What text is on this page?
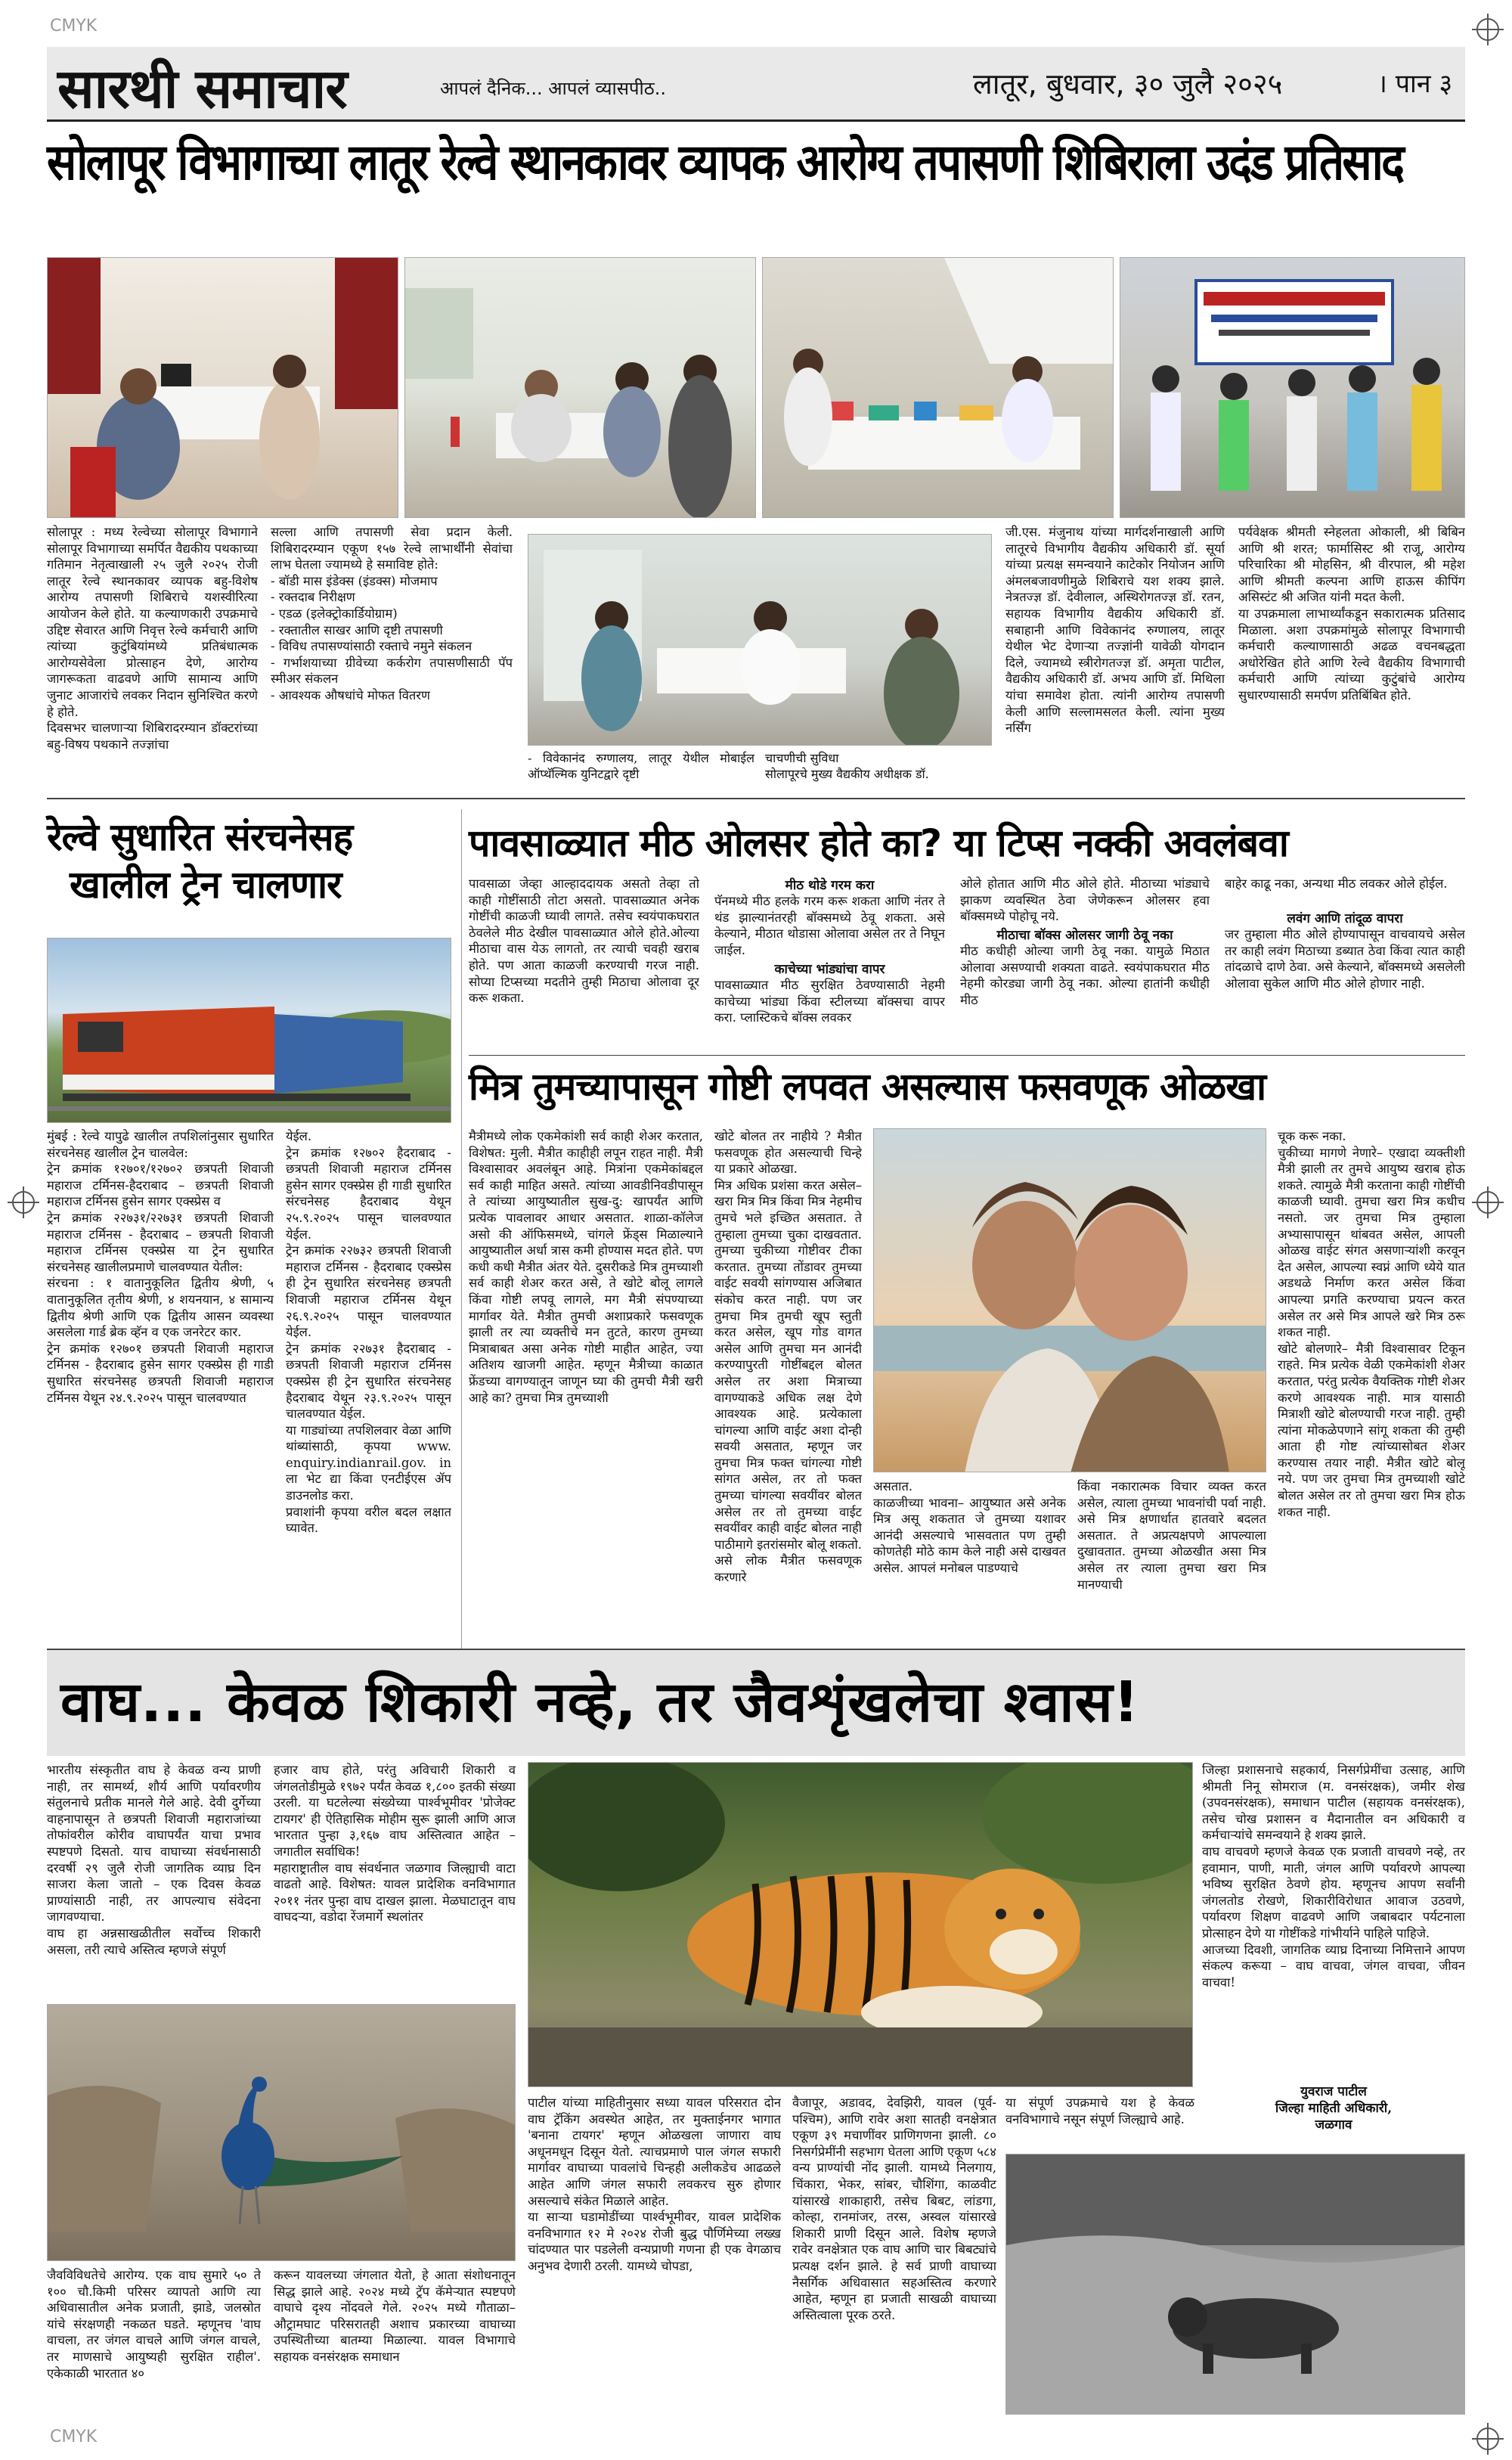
CMYK
CMYK
सारथी समाचार	आपलं दैनिक... आपलं व्यासपीठ..	लातूर, बुधवार, ३० जुलै २०२५	। पान ३
सोलापूर विभागाच्या लातूर रेल्वे स्थानकावर व्यापक आरोग्य तपासणी शिबिराला उदंड प्रतिसाद
सोलापूर : मध्य रेल्वेच्या सोलापूर विभागाने सोलापूर विभागाच्या समर्पित वैद्यकीय पथकाच्या गतिमान नेतृत्वाखाली २५ जुलै २०२५ रोजी लातूर रेल्वे स्थानकावर व्यापक बहु-विशेष आरोग्य तपासणी शिबिराचे यशस्वीरित्या आयोजन केले होते. या कल्याणकारी उपक्रमाचे उद्दिष्ट सेवारत आणि निवृत्त रेल्वे कर्मचारी आणि त्यांच्या कुटुंबियांमध्ये प्रतिबंधात्मक आरोग्यसेवेला प्रोत्साहन देणे, आरोग्य जागरूकता वाढवणे आणि सामान्य आणि जुनाट आजारांचे लवकर निदान सुनिश्चित करणे हे होते.
दिवसभर चालणाऱ्या शिबिरादरम्यान डॉक्टरांच्या बहु-विषय पथकाने तज्ज्ञांचा
सल्ला आणि तपासणी सेवा प्रदान केली. शिबिरादरम्यान एकूण १५७ रेल्वे लाभार्थींनी सेवांचा लाभ घेतला ज्यामध्ये हे समाविष्ट होते:
- बॉडी मास इंडेक्स (इंडक्स) मोजमाप
- रक्तदाब निरीक्षण
- एडळ (इलेक्ट्रोकार्डियोग्राम)
- रक्तातील साखर आणि दृष्टी तपासणी
- विविध तपासण्यांसाठी रक्ताचे नमुने संकलन
- गर्भाशयाच्या ग्रीवेच्या कर्करोग तपासणीसाठी पॅप स्मीअर संकलन
- आवश्यक औषधांचे मोफत वितरण
- विवेकानंद रुग्णालय, लातूर येथील मोबाईल ऑप्थॅल्मिक युनिटद्वारे दृष्टी
चाचणीची सुविधा
सोलापूरचे मुख्य वैद्यकीय अधीक्षक डॉ.
जी.एस. मंजुनाथ यांच्या मार्गदर्शनाखाली आणि लातूरचे विभागीय वैद्यकीय अधिकारी डॉ. सूर्या यांच्या प्रत्यक्ष समन्वयाने काटेकोर नियोजन आणि अंमलबजावणीमुळे शिबिराचे यश शक्य झाले. नेत्रतज्ज्ञ डॉ. देवीलाल, अस्थिरोगतज्ज्ञ डॉ. रतन, सहायक विभागीय वैद्यकीय अधिकारी डॉ. सबाहानी आणि विवेकानंद रुग्णालय, लातूर येथील भेट देणाऱ्या तज्ज्ञांनी यावेळी योगदान दिले, ज्यामध्ये स्त्रीरोगतज्ज्ञ डॉ. अमृता पाटील, वैद्यकीय अधिकारी डॉ. अभय आणि डॉ. मिथिला यांचा समावेश होता. त्यांनी आरोग्य तपासणी केली आणि सल्लामसलत केली. त्यांना मुख्य नर्सिंग
पर्यवेक्षक श्रीमती स्नेहलता ओकाली, श्री बिबिन आणि श्री शरत; फार्मासिस्ट श्री राजू, आरोग्य परिचारिका श्री मोहसिन, श्री वीरपाल, श्री महेश आणि श्रीमती कल्पना आणि हाऊस कीपिंग असिस्टंट श्री अजित यांनी मदत केली.
या उपक्रमाला लाभार्थ्यांकडून सकारात्मक प्रतिसाद मिळाला. अशा उपक्रमांमुळे सोलापूर विभागाची कर्मचारी कल्याणासाठी अढळ वचनबद्धता अधोरेखित होते आणि रेल्वे वैद्यकीय विभागाची कर्मचारी आणि त्यांच्या कुटुंबांचे आरोग्य सुधारण्यासाठी समर्पण प्रतिबिंबित होते.
रेल्वे सुधारित संरचनेसह
खालील ट्रेन चालणार
मुंबई : रेल्वे यापुढे खालील तपशिलांनुसार सुधारित संरचनेसह खालील ट्रेन चालवेल:
ट्रेन क्रमांक १२७०१/१२७०२ छत्रपती शिवाजी महाराज टर्मिनस-हैदराबाद – छत्रपती शिवाजी महाराज टर्मिनस हुसेन सागर एक्स्प्रेस व
ट्रेन क्रमांक २२७३१/२२७३१ छत्रपती शिवाजी महाराज टर्मिनस - हैदराबाद – छत्रपती शिवाजी महाराज टर्मिनस एक्स्प्रेस या ट्रेन सुधारित संरचनेसह खालीलप्रमाणे चालवण्यात येतील:
संरचना : १ वातानुकूलित द्वितीय श्रेणी, ५ वातानुकूलित तृतीय श्रेणी, ४ शयनयान, ४ सामान्य द्वितीय श्रेणी आणि एक द्वितीय आसन व्यवस्था असलेला गार्ड ब्रेक व्हॅन व एक जनरेटर कार.
ट्रेन क्रमांक १२७०१ छत्रपती शिवाजी महाराज टर्मिनस - हैदराबाद हुसेन सागर एक्स्प्रेस ही गाडी सुधारित संरचनेसह छत्रपती शिवाजी महाराज टर्मिनस येथून २४.९.२०२५ पासून चालवण्यात
येईल.
ट्रेन क्रमांक १२७०२ हैदराबाद - छत्रपती शिवाजी महाराज टर्मिनस हुसेन सागर एक्स्प्रेस ही गाडी सुधारित संरचनेसह हैदराबाद येथून २५.९.२०२५ पासून चालवण्यात येईल.
ट्रेन क्रमांक २२७३२ छत्रपती शिवाजी महाराज टर्मिनस - हैदराबाद एक्स्प्रेस ही ट्रेन सुधारित संरचनेसह छत्रपती शिवाजी महाराज टर्मिनस येथून २६.९.२०२५ पासून चालवण्यात येईल.
ट्रेन क्रमांक २२७३१ हैदराबाद - छत्रपती शिवाजी महाराज टर्मिनस एक्स्प्रेस ही ट्रेन सुधारित संरचनेसह हैदराबाद येथून २३.९.२०२५ पासून चालवण्यात येईल.
या गाड्यांच्या तपशिलवार वेळा आणि थांब्यांसाठी, कृपया www. enquiry.indianrail.gov. in ला भेट द्या किंवा एनटीईएस ॲप डाउनलोड करा.
प्रवाशांनी कृपया वरील बदल लक्षात घ्यावेत.
पावसाळ्यात मीठ ओलसर होते का? या टिप्स नक्की अवलंबवा
पावसाळा जेव्हा आल्हाददायक असतो तेव्हा तो काही गोष्टींसाठी तोटा असतो. पावसाळ्यात अनेक गोष्टींची काळजी घ्यावी लागते. तसेच स्वयंपाकघरात ठेवलेले मीठ देखील पावसाळ्यात ओले होते.ओल्या मीठाचा वास येऊ लागतो, तर त्याची चवही खराब होते. पण आता काळजी करण्याची गरज नाही. सोप्या टिप्सच्या मदतीने तुम्ही मिठाचा ओलावा दूर करू शकता.
मीठ थोडे गरम करा
पॅनमध्ये मीठ हलके गरम करू शकता आणि नंतर ते थंड झाल्यानंतरही बॉक्समध्ये ठेवू शकता. असे केल्याने, मीठात थोडासा ओलावा असेल तर ते निघून जाईल.
काचेच्या भांड्यांचा वापर
पावसाळ्यात मीठ सुरक्षित ठेवण्यासाठी नेहमी काचेच्या भांड्या किंवा स्टीलच्या बॉक्सचा वापर करा. प्लास्टिकचे बॉक्स लवकर
ओले होतात आणि मीठ ओले होते. मीठाच्या भांड्याचे झाकण व्यवस्थित ठेवा जेणेकरून ओलसर हवा बॉक्समध्ये पोहोचू नये.
मीठाचा बॉक्स ओलसर जागी ठेवू नका
मीठ कधीही ओल्या जागी ठेवू नका. यामुळे मिठात ओलावा असण्याची शक्यता वाढते. स्वयंपाकघरात मीठ नेहमी कोरड्या जागी ठेवू नका. ओल्या हातांनी कधीही मीठ
बाहेर काढू नका, अन्यथा मीठ लवकर ओले होईल.
लवंग आणि तांदूळ वापरा
जर तुम्हाला मीठ ओले होण्यापासून वाचवायचे असेल तर काही लवंग मिठाच्या डब्यात ठेवा किंवा त्यात काही तांदळाचे दाणे ठेवा. असे केल्याने, बॉक्समध्ये असलेली ओलावा सुकेल आणि मीठ ओले होणार नाही.
मित्र तुमच्यापासून गोष्टी लपवत असल्यास फसवणूक ओळखा
मैत्रीमध्ये लोक एकमेकांशी सर्व काही शेअर करतात, विशेषत: मुली. मैत्रीत काहीही लपून राहत नाही. मैत्री विश्वासावर अवलंबून आहे. मित्रांना एकमेकांबद्दल सर्व काही माहित असते. त्यांच्या आवडीनिवडीपासून ते त्यांच्या आयुष्यातील सुख-दु: खापर्यंत आणि प्रत्येक पावलावर आधार असतात. शाळा-कॉलेज असो की ऑफिसमध्ये, चांगले फ्रेंड्स मिळाल्याने आयुष्यातील अर्धा त्रास कमी होण्यास मदत होते. पण कधी कधी मैत्रीत अंतर येते. दुसरीकडे मित्र तुमच्याशी सर्व काही शेअर करत असे, ते खोटे बोलू लागले किंवा गोष्टी लपवू लागले, मग मैत्री संपण्याच्या मार्गावर येते. मैत्रीत तुमची अशाप्रकारे फसवणूक झाली तर त्या व्यक्तीचे मन तुटते, कारण तुमच्या मित्राबाबत असा अनेक गोष्टी माहीत आहेत, ज्या अतिशय खाजगी आहेत. म्हणून मैत्रीच्या काळात फ्रेंडच्या वागण्यातून जाणून घ्या की तुमची मैत्री खरी आहे का? तुमचा मित्र तुमच्याशी
खोटे बोलत तर नाहीये ? मैत्रीत फसवणूक होत असल्याची चिन्हे या प्रकारे ओळखा.
मित्र अधिक प्रशंसा करत असेल– खरा मित्र मित्र किंवा मित्र नेहमीच तुमचे भले इच्छित असतात. ते तुम्हाला तुमच्या चुका दाखवतात. तुमच्या चुकीच्या गोष्टीवर टीका करतात. तुमच्या तोंडावर तुमच्या वाईट सवयी सांगण्यास अजिबात संकोच करत नाही. पण जर तुमचा मित्र तुमची खूप स्तुती करत असेल, खूप गोड वागत असेल आणि तुमचा मन आनंदी करण्यापुरती गोष्टींबद्दल बोलत असेल तर अशा मित्राच्या वागण्याकडे अधिक लक्ष देणे आवश्यक आहे. प्रत्येकाला चांगल्या आणि वाईट अशा दोन्ही सवयी असतात, म्हणून जर तुमचा मित्र फक्त चांगल्या गोष्टी सांगत असेल, तर तो फक्त तुमच्या चांगल्या सवयींवर बोलत असेल तर तो तुमच्या वाईट सवयींवर काही वाईट बोलत नाही पाठीमागे इतरांसमोर बोलू शकतो. असे लोक मैत्रीत फसवणूक करणारे
असतात.
काळजीच्या भावना– आयुष्यात असे अनेक मित्र असू शकतात जे तुमच्या यशावर आनंदी असल्याचे भासवतात पण तुम्ही कोणतेही मोठे काम केले नाही असे दाखवत असेल. आपलं मनोबल पाडण्याचे
किंवा नकारात्मक विचार व्यक्त करत असेल, त्याला तुमच्या भावनांची पर्वा नाही. असे मित्र क्षणार्धात हातवारे बदलत असतात. ते अप्रत्यक्षपणे आपल्याला दुखावतात. तुमच्या ओळखीत असा मित्र असेल तर त्याला तुमचा खरा मित्र मानण्याची
चूक करू नका.
चुकीच्या मागणे नेणारे– एखादा व्यक्तीशी मैत्री झाली तर तुमचे आयुष्य खराब होऊ शकते. त्यामुळे मैत्री करताना काही गोष्टींची काळजी घ्यावी. तुमचा खरा मित्र कधीच नसतो. जर तुमचा मित्र तुम्हाला अभ्यासापासून थांबवत असेल, आपली ओळख वाईट संगत असणार्‍यांशी करवून देत असेल, आपल्या स्वप्नं आणि ध्येये यात अडथळे निर्माण करत असेल किंवा आपल्या प्रगति करण्याचा प्रयत्न करत असेल तर असे मित्र आपले खरे मित्र ठरू शकत नाही.
खोटे बोलणारे– मैत्री विश्वासावर टिकून राहते. मित्र प्रत्येक वेळी एकमेकांशी शेअर करतात, परंतु प्रत्येक वैयक्तिक गोष्टी शेअर करणे आवश्यक नाही. मात्र यासाठी मित्राशी खोटे बोलण्याची गरज नाही. तुम्ही त्यांना मोकळेपणाने सांगू शकता की तुम्ही आता ही गोष्ट त्यांच्यासोबत शेअर करण्यास तयार नाही. मैत्रीत खोटे बोलू नये. पण जर तुमचा मित्र तुमच्याशी खोटे बोलत असेल तर तो तुमचा खरा मित्र होऊ शकत नाही.
वाघ... केवळ शिकारी नव्हे, तर जैवशृंखलेचा श्वास!
भारतीय संस्कृतीत वाघ हे केवळ वन्य प्राणी नाही, तर सामर्थ्य, शौर्य आणि पर्यावरणीय संतुलनाचे प्रतीक मानले गेले आहे. देवी दुर्गेच्या वाहनापासून ते छत्रपती शिवाजी महाराजांच्या तोफांवरील कोरीव वाघापर्यंत याचा प्रभाव स्पष्टपणे दिसतो. याच वाघाच्या संवर्धनासाठी दरवर्षी २९ जुलै रोजी जागतिक व्याघ्र दिन साजरा केला जातो – एक दिवस केवळ प्राण्यांसाठी नाही, तर आपल्याच संवेदना जागवण्याचा.
वाघ हा अन्नसाखळीतील सर्वोच्च शिकारी असला, तरी त्याचे अस्तित्व म्हणजे संपूर्ण
हजार वाघ होते, परंतु अविचारी शिकारी व जंगलतोडीमुळे १९७२ पर्यंत केवळ १,८०० इतकी संख्या उरली. या घटलेल्या संख्येच्या पार्श्वभूमीवर 'प्रोजेक्ट टायगर' ही ऐतिहासिक मोहीम सुरू झाली आणि आज भारतात पुन्हा ३,१६७ वाघ अस्तित्वात आहेत – जगातील सर्वाधिक!
महाराष्ट्रातील वाघ संवर्धनात जळगाव जिल्ह्याची वाटा वाढतो आहे. विशेषत: यावल प्रादेशिक वनविभागात २०११ नंतर पुन्हा वाघ दाखल झाला. मेळघाटातून वाघ वाघदऱ्या, वडोदा रेंजमार्गे स्थलांतर
जैवविविधतेचे आरोग्य. एक वाघ सुमारे ५० ते १०० चौ.किमी परिसर व्यापतो आणि त्या अधिवासातील अनेक प्रजाती, झाडे, जलस्रोत यांचे संरक्षणही नकळत घडते. म्हणूनच 'वाघ वाचला, तर जंगल वाचले आणि जंगल वाचले, तर माणसाचे आयुष्यही सुरक्षित राहील'. एकेकाळी भारतात ४०
करून यावलच्या जंगलात येतो, हे आता संशोधनातून सिद्ध झाले आहे. २०२४ मध्ये ट्रॅप कॅमेऱ्यात स्पष्टपणे वाघाचे दृश्य नोंदवले गेले. २०२५ मध्ये गौताळा–औट्रामघाट परिसरातही अशाच प्रकारच्या वाघाच्या उपस्थितीच्या बातम्या मिळाल्या. यावल विभागाचे सहायक वनसंरक्षक समाधान
पाटील यांच्या माहितीनुसार सध्या यावल परिसरात दोन वाघ ट्रॅकिंग अवस्थेत आहेत, तर मुक्ताईनगर भागात 'बनाना टायगर' म्हणून ओळखला जाणारा वाघ अधूनमधून दिसून येतो. त्याचप्रमाणे पाल जंगल सफारी मार्गावर वाघाच्या पावलांचे चिन्हही अलीकडेच आढळले आहेत आणि जंगल सफारी लवकरच सुरु होणार असल्याचे संकेत मिळाले आहेत.
या साऱ्या घडामोडींच्या पार्श्वभूमीवर, यावल प्रादेशिक वनविभागात १२ मे २०२४ रोजी बुद्ध पौर्णिमेच्या लख्ख चांदण्यात पार पडलेली वन्यप्राणी गणना ही एक वेगळाच अनुभव देणारी ठरली. यामध्ये चोपडा,
वैजापूर, अडावद, देवझिरी, यावल (पूर्व-पश्चिम), आणि रावेर अशा सातही वनक्षेत्रात एकूण ३९ मचाणींवर प्राणिगणना झाली. ८० निसर्गप्रेमींनी सहभाग घेतला आणि एकूण ५८४ वन्य प्राण्यांची नोंद झाली. यामध्ये निलगाय, चिंकारा, भेकर, सांबर, चौशिंगा, काळवीट यांसारखे शाकाहारी, तसेच बिबट, लांडगा, कोल्हा, रानमांजर, तरस, अस्वल यांसारखे शिकारी प्राणी दिसून आले. विशेष म्हणजे रावेर वनक्षेत्रात एक वाघ आणि चार बिबट्यांचे प्रत्यक्ष दर्शन झाले. हे सर्व प्राणी वाघाच्या नैसर्गिक अधिवासात सहअस्तित्व करणारे आहेत, म्हणून हा प्रजाती साखळी वाघाच्या अस्तित्वाला पूरक ठरते.
या संपूर्ण उपक्रमाचे यश हे केवळ वनविभागाचे नसून संपूर्ण जिल्ह्याचे आहे.
जिल्हा प्रशासनाचे सहकार्य, निसर्गप्रेमींचा उत्साह, आणि श्रीमती निनू सोमराज (म. वनसंरक्षक), जमीर शेख (उपवनसंरक्षक), समाधान पाटील (सहायक वनसंरक्षक), तसेच चोख प्रशासन व मैदानातील वन अधिकारी व कर्मचाऱ्यांचे समन्वयाने हे शक्य झाले.
वाघ वाचवणे म्हणजे केवळ एक प्रजाती वाचवणे नव्हे, तर हवामान, पाणी, माती, जंगल आणि पर्यावरणे आपल्या भविष्य सुरक्षित ठेवणे होय. म्हणूनच आपण सर्वांनी जंगलतोड रोखणे, शिकारीविरोधात आवाज उठवणे, पर्यावरण शिक्षण वाढवणे आणि जबाबदार पर्यटनाला प्रोत्साहन देणे या गोष्टींकडे गांभीर्याने पाहिले पाहिजे.
आजच्या दिवशी, जागतिक व्याघ्र दिनाच्या निमित्ताने आपण संकल्प करूया – वाघ वाचवा, जंगल वाचवा, जीवन वाचवा!
युवराज पाटील
जिल्हा माहिती अधिकारी,
जळगाव
